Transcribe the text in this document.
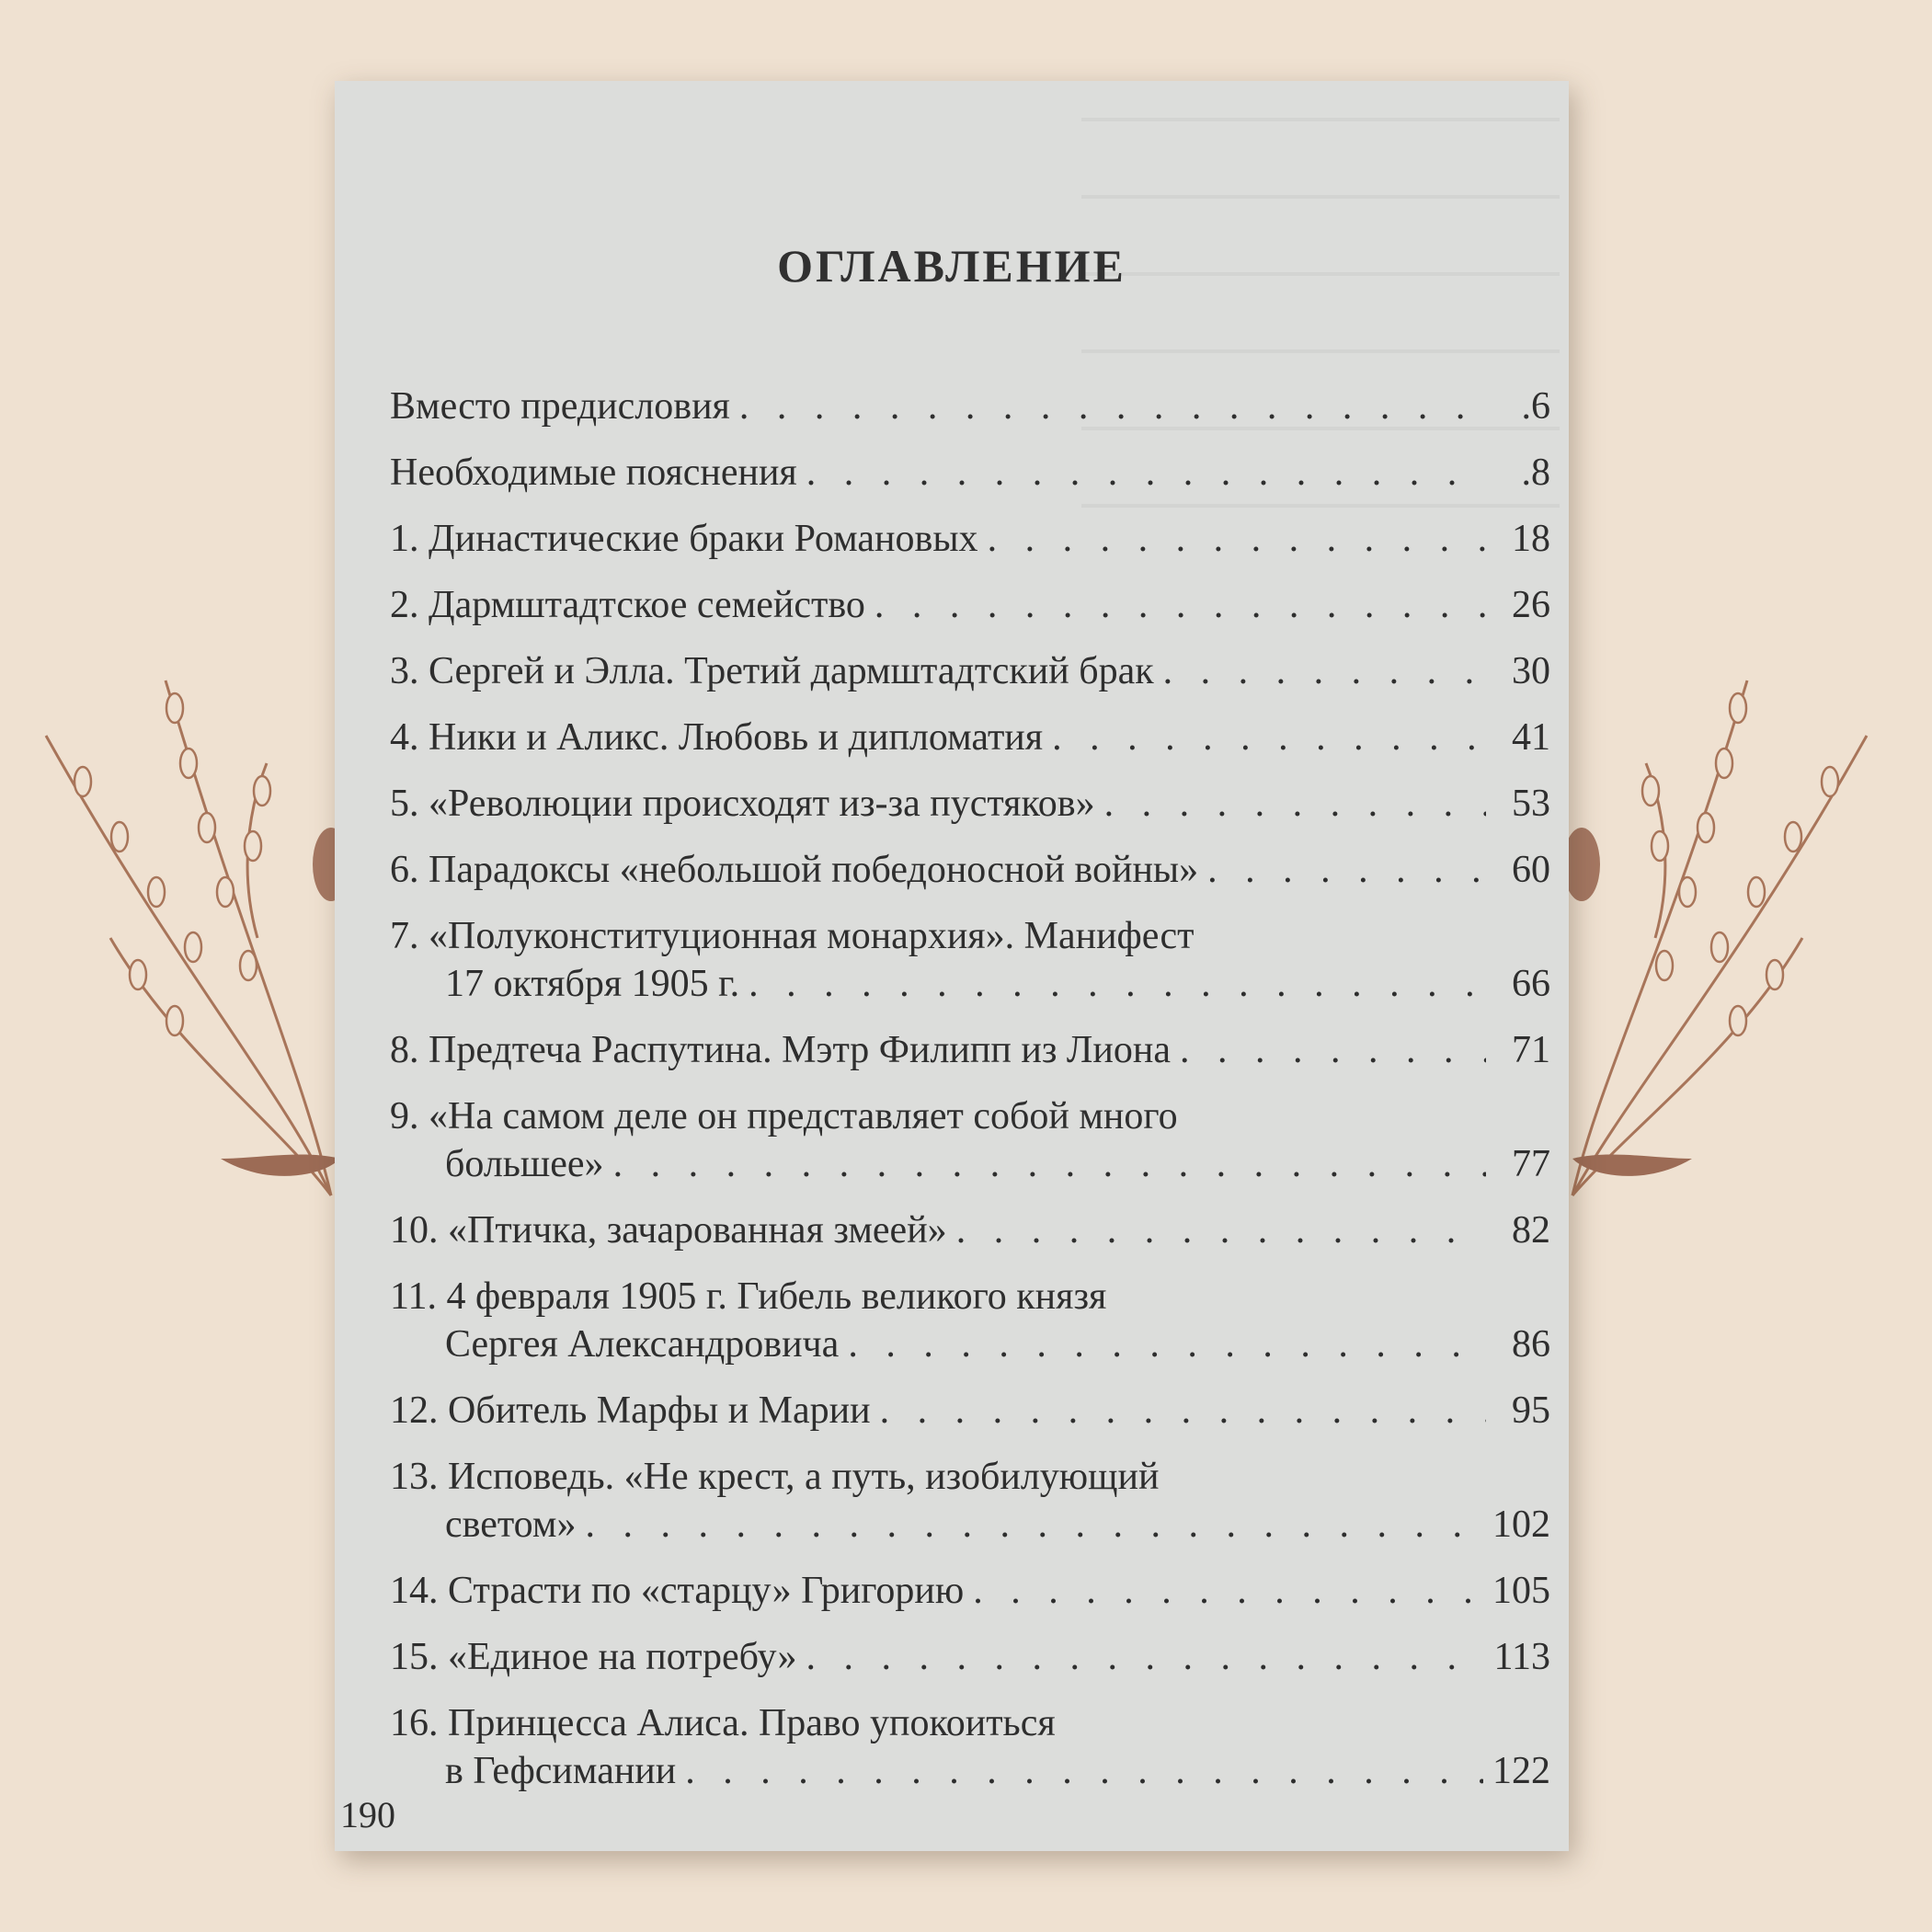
ОГЛАВЛЕНИЕ
Вместо предисловия . . .	.6
Необходимые пояснения . . .	.8
1. Династические браки Романовых . . .	18
2. Дармштадтское семейство . . .	26
3. Сергей и Элла. Третий дармштадтский брак . . .	30
4. Ники и Аликс. Любовь и дипломатия . . .	41
5. «Революции происходят из-за пустяков» . . .	53
6. Парадоксы «небольшой победоносной войны» . . .	60
7. «Полуконституционная монархия». Манифест
17 октября 1905 г. . . .	66
8. Предтеча Распутина. Мэтр Филипп из Лиона . . .	71
9. «На самом деле он представляет собой много
большее» . . .	77
10. «Птичка, зачарованная змеей» . . .	82
11. 4 февраля 1905 г. Гибель великого князя
Сергея Александровича . . .	86
12. Обитель Марфы и Марии . . .	95
13. Исповедь. «Не крест, а путь, изобилующий
светом» . . .	102
14. Страсти по «старцу» Григорию . . .	105
15. «Единое на потребу» . . .	113
16. Принцесса Алиса. Право упокоиться
в Гефсимании . . .	122
190
